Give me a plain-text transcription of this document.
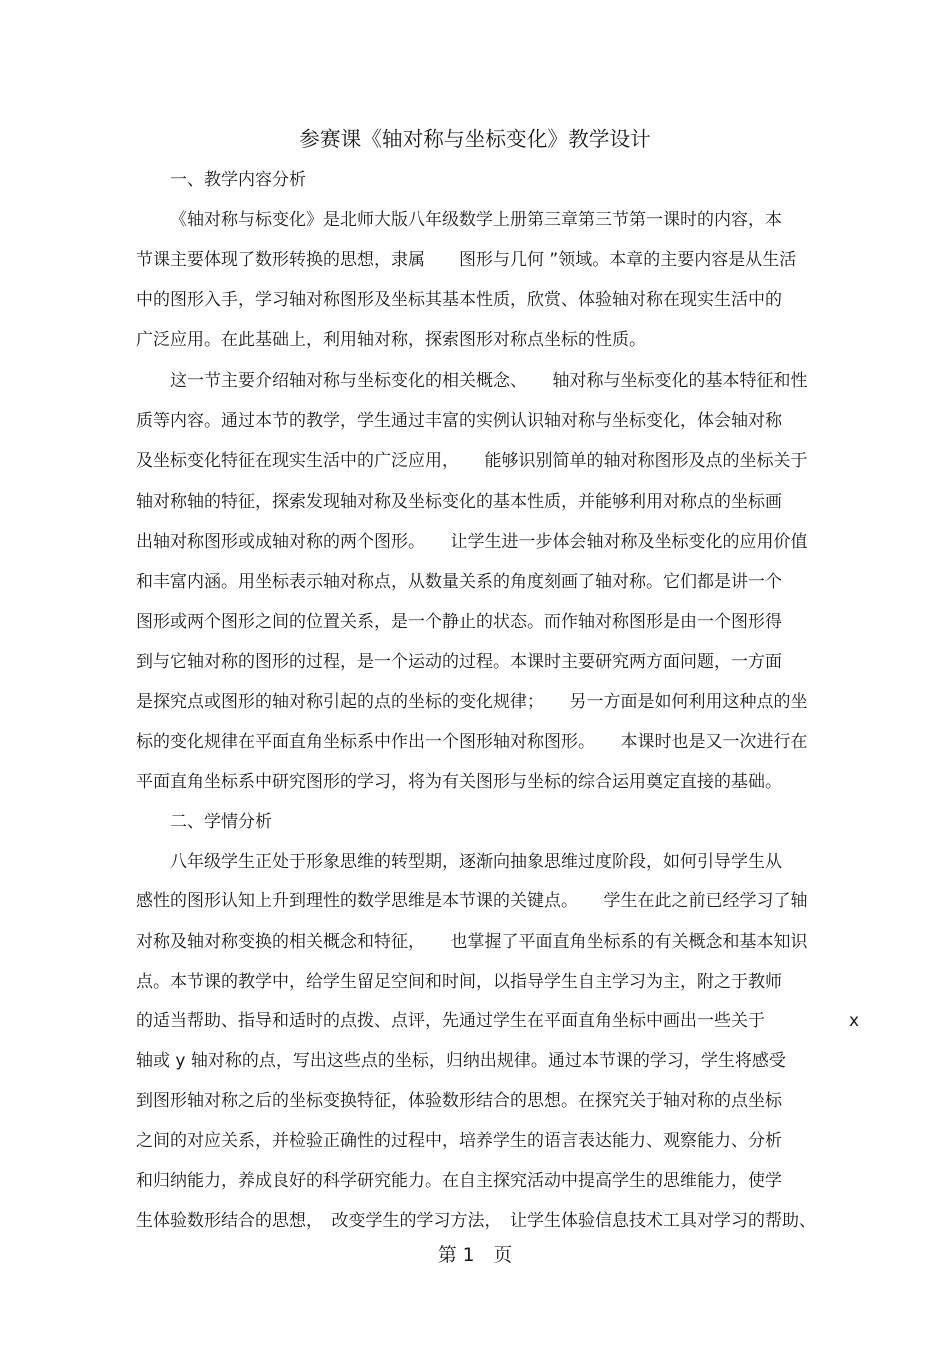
参赛课《轴对称与坐标变化》教学设计
一、教学内容分析
《轴对称与标变化》是北师大版八年级数学上册第三章第三节第一课时的内容，本
节课主要体现了数形转换的思想，隶属　　图形与几何 ”领域。本章的主要内容是从生活
中的图形入手，学习轴对称图形及坐标其基本性质，欣赏、体验轴对称在现实生活中的
广泛应用。在此基础上，利用轴对称，探索图形对称点坐标的性质。
这一节主要介绍轴对称与坐标变化的相关概念、　　轴对称与坐标变化的基本特征和性
质等内容。通过本节的教学，学生通过丰富的实例认识轴对称与坐标变化，体会轴对称
及坐标变化特征在现实生活中的广泛应用，　　能够识别简单的轴对称图形及点的坐标关于
轴对称轴的特征，探索发现轴对称及坐标变化的基本性质，并能够利用对称点的坐标画
出轴对称图形或成轴对称的两个图形。　　让学生进一步体会轴对称及坐标变化的应用价值
和丰富内涵。用坐标表示轴对称点，从数量关系的角度刻画了轴对称。它们都是讲一个
图形或两个图形之间的位置关系，是一个静止的状态。而作轴对称图形是由一个图形得
到与它轴对称的图形的过程，是一个运动的过程。本课时主要研究两方面问题，一方面
是探究点或图形的轴对称引起的点的坐标的变化规律；　　另一方面是如何利用这种点的坐
标的变化规律在平面直角坐标系中作出一个图形轴对称图形。　　本课时也是又一次进行在
平面直角坐标系中研究图形的学习，将为有关图形与坐标的综合运用奠定直接的基础。
二、学情分析
八年级学生正处于形象思维的转型期，逐渐向抽象思维过度阶段，如何引导学生从
感性的图形认知上升到理性的数学思维是本节课的关键点。　　学生在此之前已经学习了轴
对称及轴对称变换的相关概念和特征，　　也掌握了平面直角坐标系的有关概念和基本知识
点。本节课的教学中，给学生留足空间和时间，以指导学生自主学习为主，附之于教师
的适当帮助、指导和适时的点拨、点评，先通过学生在平面直角坐标中画出一些关于	x
轴或 y 轴对称的点，写出这些点的坐标，归纳出规律。通过本节课的学习，学生将感受
到图形轴对称之后的坐标变换特征，体验数形结合的思想。在探究关于轴对称的点坐标
之间的对应关系，并检验正确性的过程中，培养学生的语言表达能力、观察能力、分析
和归纳能力，养成良好的科学研究能力。在自主探究活动中提高学生的思维能力，使学
生体验数形结合的思想，　改变学生的学习方法，　让学生体验信息技术工具对学习的帮助、
第 1　页
